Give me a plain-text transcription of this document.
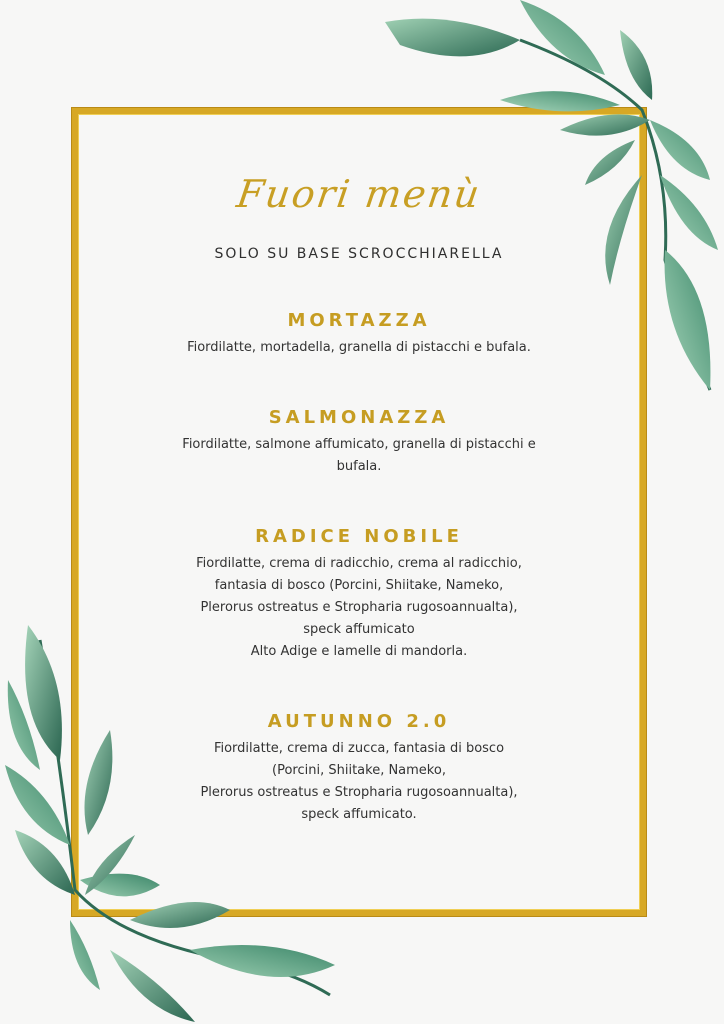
Fuori menù
SOLO SU BASE SCROCCHIARELLA
MORTAZZA
Fiordilatte, mortadella, granella di pistacchi e bufala.
SALMONAZZA
Fiordilatte, salmone affumicato, granella di pistacchi e bufala.
RADICE NOBILE
Fiordilatte, crema di radicchio, crema al radicchio,
fantasia di bosco (Porcini, Shiitake, Nameko,
Plerorus ostreatus e Stropharia rugosoannualta),
speck affumicato
Alto Adige e lamelle di mandorla.
AUTUNNO 2.0
Fiordilatte, crema di zucca, fantasia di bosco
(Porcini, Shiitake, Nameko,
Plerorus ostreatus e Stropharia rugosoannualta),
speck affumicato.
